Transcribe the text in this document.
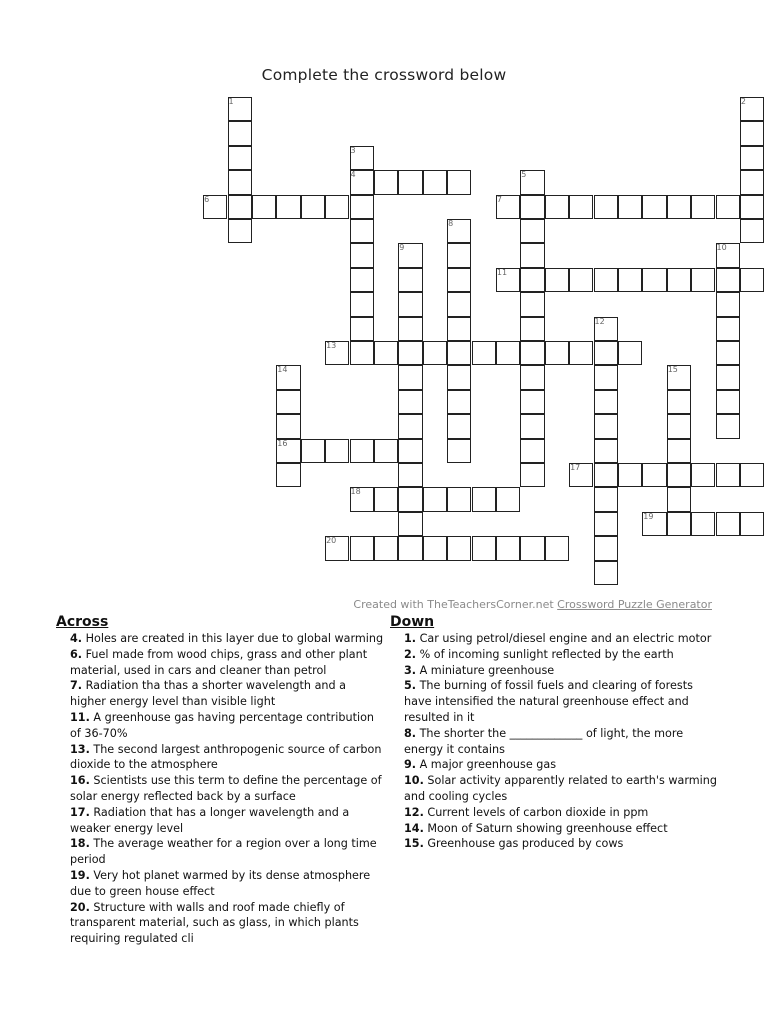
Complete the crossword below
1	2
3
4	5
6	7
8
9	10
11
12
13
14	15
16
17
18
19
20
Created with TheTeachersCorner.net Crossword Puzzle Generator
Across
4. Holes are created in this layer due to global warming
6. Fuel made from wood chips, grass and other plant material, used in cars and cleaner than petrol
7. Radiation tha thas a shorter wavelength and a higher energy level than visible light
11. A greenhouse gas having percentage contribution of 36-70%
13. The second largest anthropogenic source of carbon dioxide to the atmosphere
16. Scientists use this term to define the percentage of solar energy reflected back by a surface
17. Radiation that has a longer wavelength and a weaker energy level
18. The average weather for a region over a long time period
19. Very hot planet warmed by its dense atmosphere due to green house effect
20. Structure with walls and roof made chiefly of transparent material, such as glass, in which plants requiring regulated cli
Down
1. Car using petrol/diesel engine and an electric motor
2. % of incoming sunlight reflected by the earth
3. A miniature greenhouse
5. The burning of fossil fuels and clearing of forests have intensified the natural greenhouse effect and resulted in it
8. The shorter the _____________ of light, the more energy it contains
9. A major greenhouse gas
10. Solar activity apparently related to earth's warming and cooling cycles
12. Current levels of carbon dioxide in ppm
14. Moon of Saturn showing greenhouse effect
15. Greenhouse gas produced by cows
